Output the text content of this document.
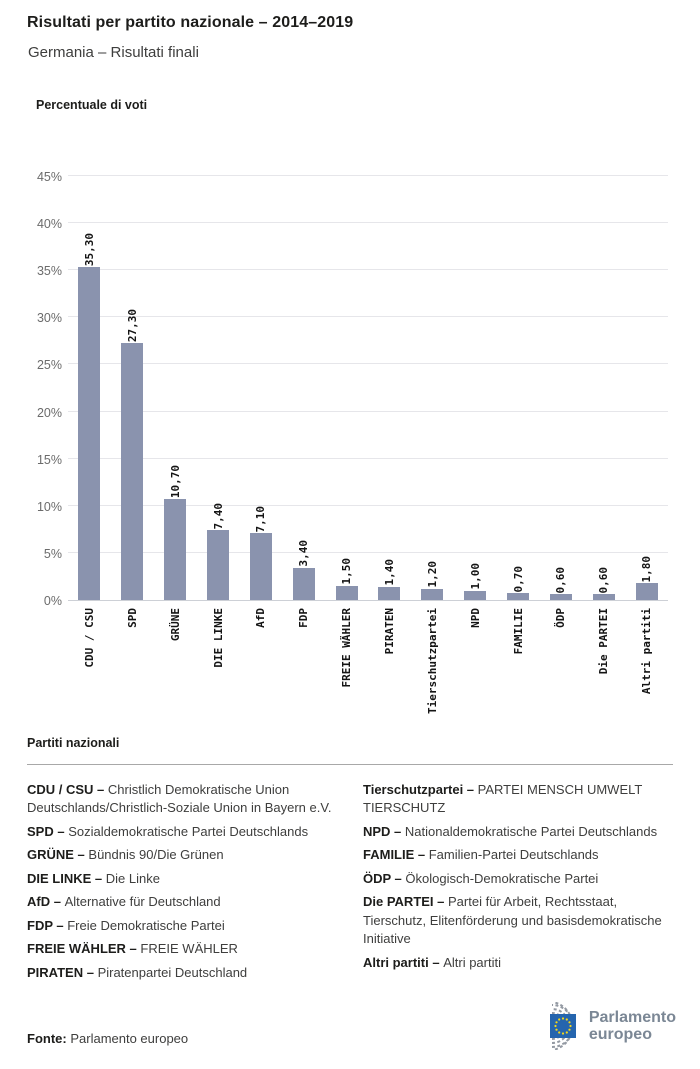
Risultati per partito nazionale – 2014–2019
Germania – Risultati finali
Percentuale di voti
45%
40%
35%
30%
25%
20%
15%
10%
5%
0%
35,30
27,30
10,70
7,40	7,10
3,40
1,50	1,40	1,20	1,00	0,70	0,60	0,60	1,80
CDU / CSU	SPD	GRÜNE	DIE LINKE	AfD	FDP	FREIE WÄHLER	PIRATEN	Tierschutzpartei	NPD	FAMILIE	ÖDP	Die PARTEI	Altri partiti
Partiti nazionali
CDU / CSU – Christlich Demokratische Union Deutschlands/Christlich-Soziale Union in Bayern e.V.
SPD – Sozialdemokratische Partei Deutschlands
GRÜNE – Bündnis 90/Die Grünen
DIE LINKE – Die Linke
AfD – Alternative für Deutschland
FDP – Freie Demokratische Partei
FREIE WÄHLER – FREIE WÄHLER
PIRATEN – Piratenpartei Deutschland
Tierschutzpartei – PARTEI MENSCH UMWELT TIERSCHUTZ
NPD – Nationaldemokratische Partei Deutschlands
FAMILIE – Familien-Partei Deutschlands
ÖDP – Ökologisch-Demokratische Partei
Die PARTEI – Partei für Arbeit, Rechtsstaat, Tierschutz, Elitenförderung und basisdemokratische Initiative
Altri partiti – Altri partiti
Fonte: Parlamento europeo
Parlamento
europeo
